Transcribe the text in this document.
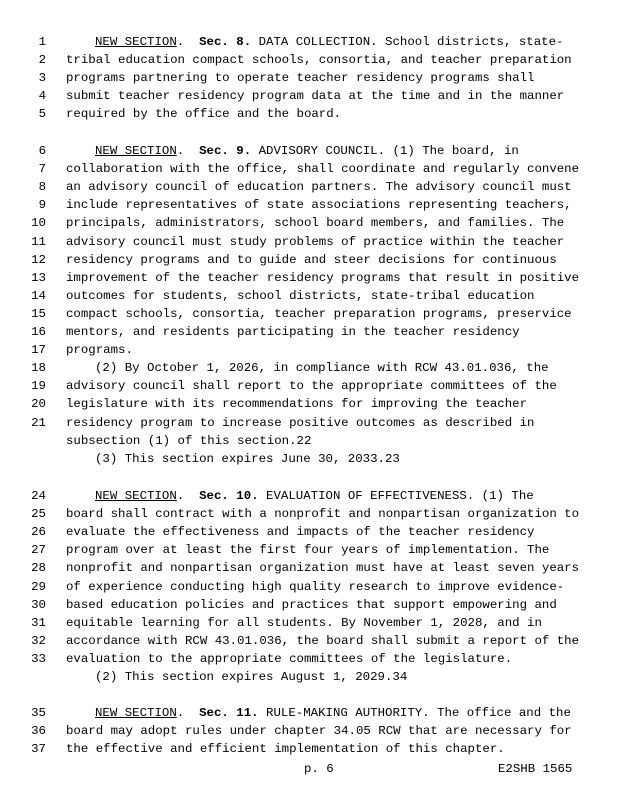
1	NEW SECTION. Sec. 8. DATA COLLECTION. School districts, state-
2 tribal education compact schools, consortia, and teacher preparation
3 programs partnering to operate teacher residency programs shall
4 submit teacher residency program data at the time and in the manner
5 required by the office and the board.
6	NEW SECTION. Sec. 9. ADVISORY COUNCIL. (1) The board, in
7 collaboration with the office, shall coordinate and regularly convene
8 an advisory council of education partners. The advisory council must
9 include representatives of state associations representing teachers,
10 principals, administrators, school board members, and families. The
11 advisory council must study problems of practice within the teacher
12 residency programs and to guide and steer decisions for continuous
13 improvement of the teacher residency programs that result in positive
14 outcomes for students, school districts, state-tribal education
15 compact schools, consortia, teacher preparation programs, preservice
16 mentors, and residents participating in the teacher residency
17 programs.
18	(2) By October 1, 2026, in compliance with RCW 43.01.036, the
19 advisory council shall report to the appropriate committees of the
20 legislature with its recommendations for improving the teacher
21 residency program to increase positive outcomes as described in
subsection (1) of this section.22
(3) This section expires June 30, 2033.23
24	NEW SECTION. Sec. 10. EVALUATION OF EFFECTIVENESS. (1) The
25 board shall contract with a nonprofit and nonpartisan organization to
26 evaluate the effectiveness and impacts of the teacher residency
27 program over at least the first four years of implementation. The
28 nonprofit and nonpartisan organization must have at least seven years
29 of experience conducting high quality research to improve evidence-
30 based education policies and practices that support empowering and
31 equitable learning for all students. By November 1, 2028, and in
32 accordance with RCW 43.01.036, the board shall submit a report of the
33 evaluation to the appropriate committees of the legislature.
(2) This section expires August 1, 2029.34
35	NEW SECTION. Sec. 11. RULE-MAKING AUTHORITY. The office and the
36 board may adopt rules under chapter 34.05 RCW that are necessary for
37 the effective and efficient implementation of this chapter.
p. 6	E2SHB 1565
